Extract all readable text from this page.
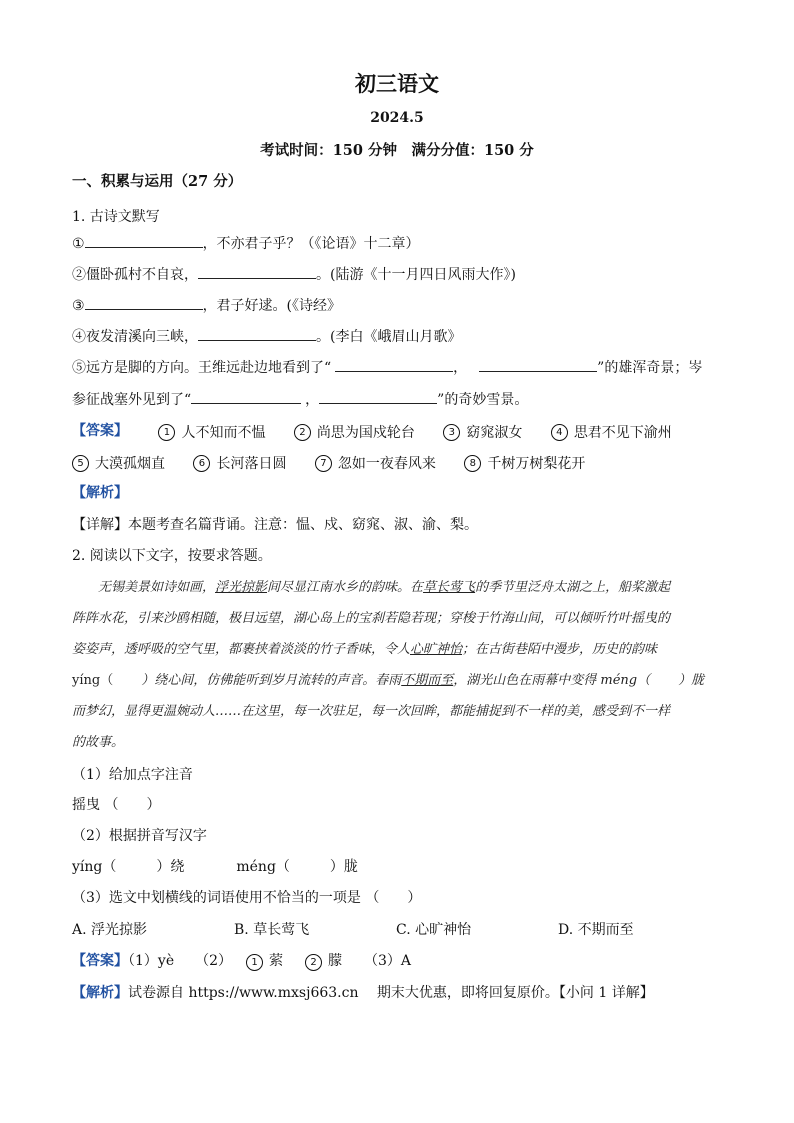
初三语文
2024.5
考试时间：150 分钟　满分分值：150 分
一、积累与运用（27 分）
1. 古诗文默写
①	，不亦君子乎？（《论语》十二章）
②僵卧孤村不自哀，	。(陆游《十一月四日风雨大作》)
③	，君子好逑。(《诗经》
④夜发清溪向三峡，	。(李白《峨眉山月歌》
⑤远方是脚的方向。王维远赴边地看到了“	，	”的雄浑奇景；岑
参征战塞外见到了“	，	”的奇妙雪景。
【答案】	1 人不知而不愠
	2 尚思为国戍轮台
	3 窈窕淑女
	4 思君不见下渝州
5 大漠孤烟直
	6 长河落日圆
	7 忽如一夜春风来
	8 千树万树梨花开
【解析】
【详解】本题考查名篇背诵。注意：愠、戍、窈窕、淑、渝、梨。
2. 阅读以下文字，按要求答题。
无锡美景如诗如画，浮光掠影间尽显江南水乡的韵味。在草长莺飞的季节里泛舟太湖之上，船桨激起
阵阵水花，引来沙鸥相随，极目远望，湖心岛上的宝刹若隐若现；穿梭于竹海山间，可以倾听竹叶摇曳的
姿姿声，透呼吸的空气里，都裹挟着淡淡的竹子香味，令人心旷神怡；在古街巷陌中漫步，历史的韵味
yíng（ ）绕心间，仿佛能听到岁月流转的声音。春雨不期而至，湖光山色在雨幕中变得 méng（ ）胧
而梦幻，显得更温婉动人……在这里，每一次驻足，每一次回眸，都能捕捉到不一样的美，感受到不一样
的故事。
（1）给加点字注音
摇曳 （　　）
（2）根据拼音写汉字
yíng（	）绕	méng（	）胧
（3）选文中划横线的词语使用不恰当的一项是 （　　）
A. 浮光掠影	B. 草长莺飞	C. 心旷神怡	D. 不期而至
【答案】（1）yè　　（2） 1 萦	2 朦 （3）A
【解析】试卷源自 https://www.mxsj663.cn　 期末大优惠，即将回复原价。【小问 1 详解】
